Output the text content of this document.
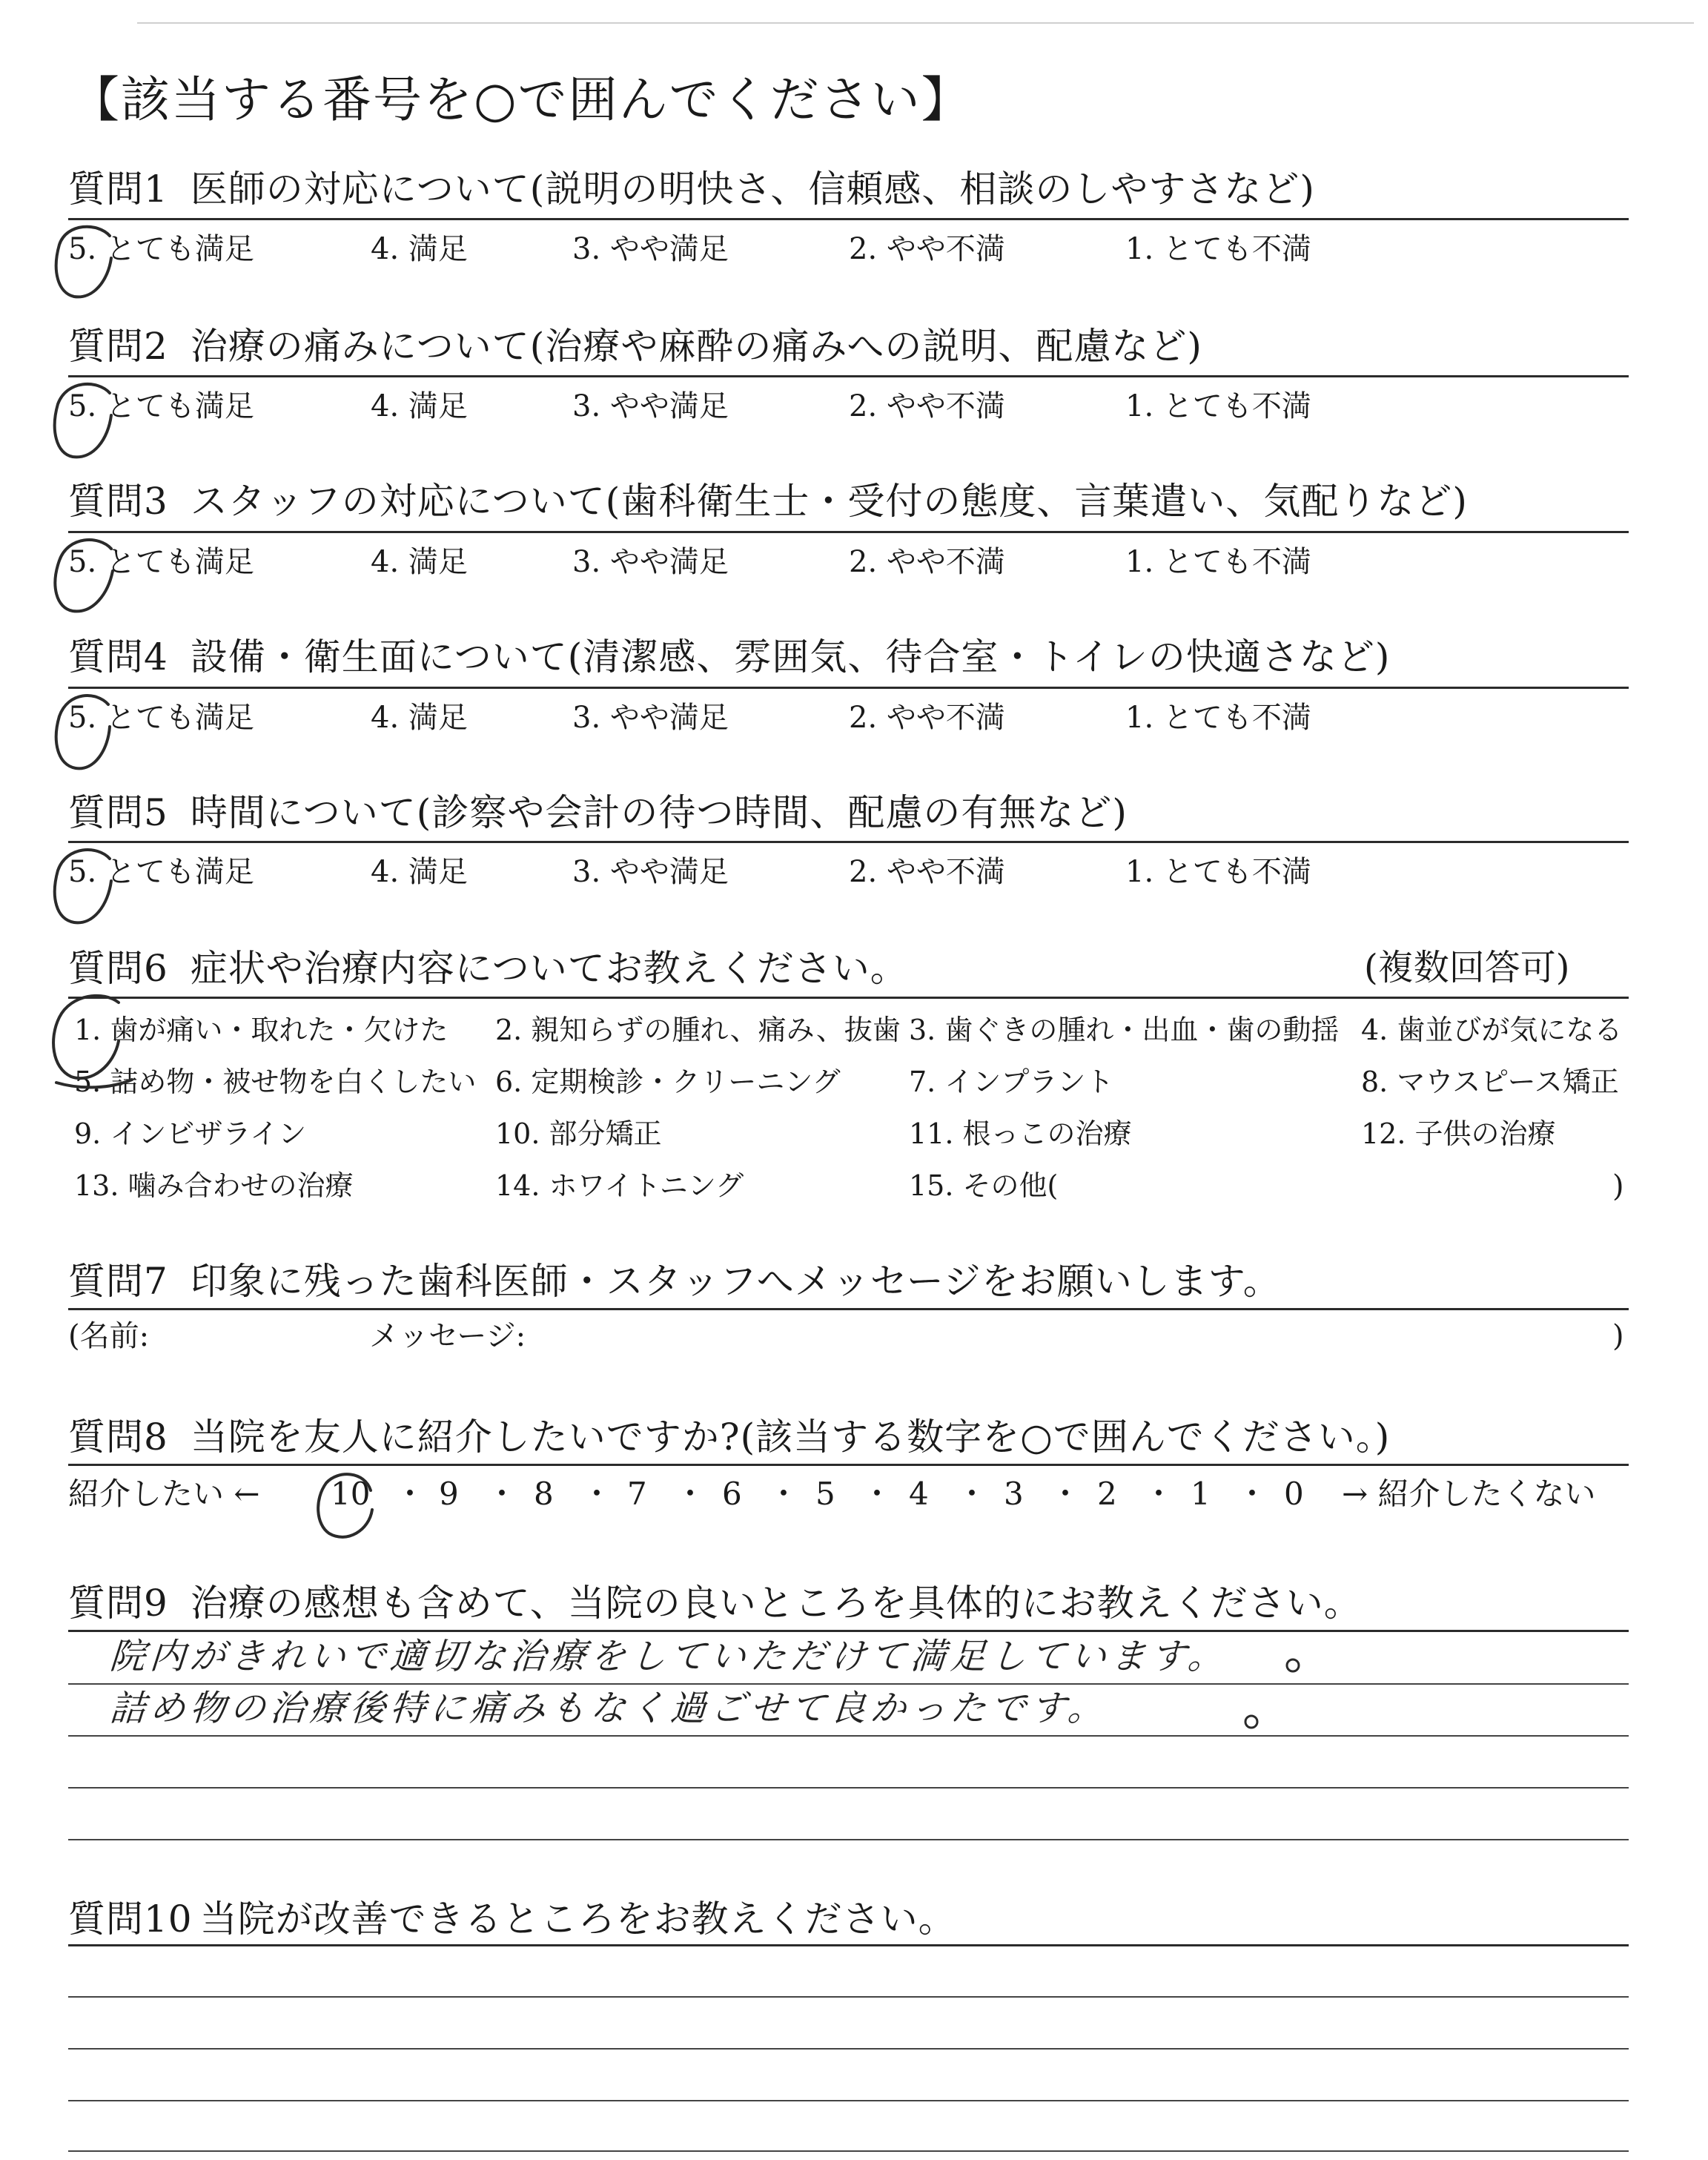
【該当する番号を○で囲んでください】
質問1 医師の対応について(説明の明快さ、信頼感、相談のしやすさなど)
5. とても満足	4. 満足	3. やや満足	2. やや不満	1. とても不満
質問2 治療の痛みについて(治療や麻酔の痛みへの説明、配慮など)
5. とても満足	4. 満足	3. やや満足	2. やや不満	1. とても不満
質問3 スタッフの対応について(歯科衛生士・受付の態度、言葉遣い、気配りなど)
5. とても満足	4. 満足	3. やや満足	2. やや不満	1. とても不満
質問4 設備・衛生面について(清潔感、雰囲気、待合室・トイレの快適さなど)
5. とても満足	4. 満足	3. やや満足	2. やや不満	1. とても不満
質問5 時間について(診察や会計の待つ時間、配慮の有無など)
5. とても満足	4. 満足	3. やや満足	2. やや不満	1. とても不満
質問6 症状や治療内容についてお教えください。	(複数回答可)
1. 歯が痛い・取れた・欠けた 2. 親知らずの腫れ、痛み、抜歯 3. 歯ぐきの腫れ・出血・歯の動揺 4. 歯並びが気になる
5. 詰め物・被せ物を白くしたい 6. 定期検診・クリーニング 7. インプラント	8. マウスピース矯正
9. インビザライン	10. 部分矯正	11. 根っこの治療	12. 子供の治療
13. 噛み合わせの治療	14. ホワイトニング	15. その他(	)
質問7 印象に残った歯科医師・スタッフへメッセージをお願いします。
(名前:	メッセージ:	)
質問8 当院を友人に紹介したいですか?(該当する数字を○で囲んでください。)
紹介したい ← 10 ・ 9 ・ 8 ・ 7 ・ 6 ・ 5 ・ 4 ・ 3 ・ 2 ・ 1 ・ 0 → 紹介したくない
質問9 治療の感想も含めて、当院の良いところを具体的にお教えください。
院内がきれいで適切な治療をしていただけて満足しています。
詰め物の治療後特に痛みもなく過ごせて良かったです。
質問10 当院が改善できるところをお教えください。
